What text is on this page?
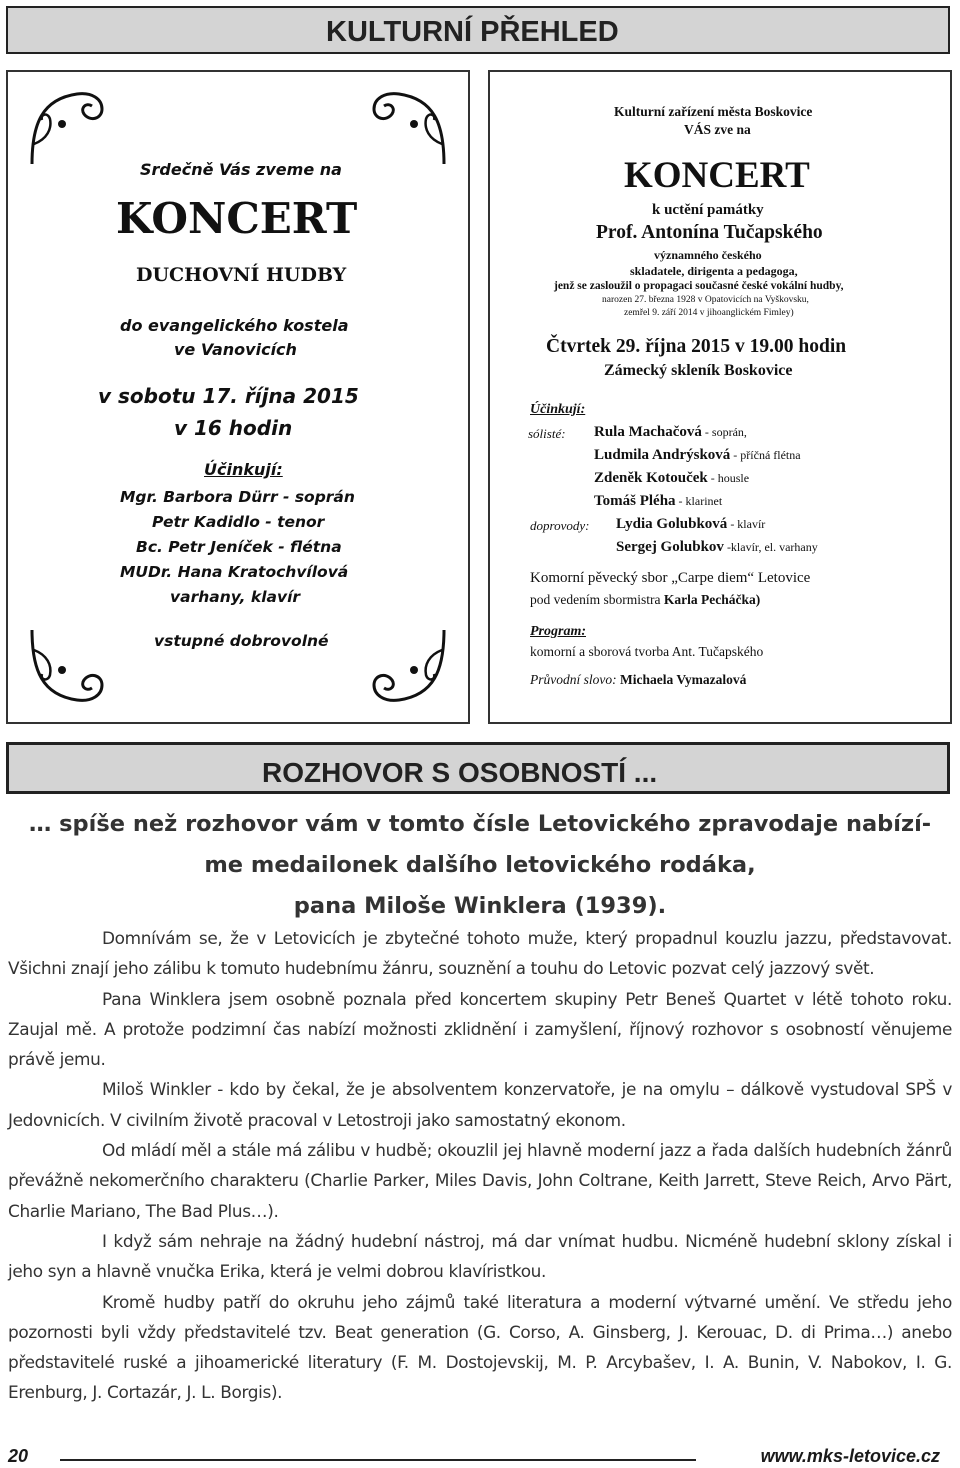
KULTURNÍ PŘEHLED
Srdečně Vás zveme na
KONCERT
DUCHOVNÍ HUDBY
do evangelického kostela
ve Vanovicích
v sobotu 17. října 2015
v 16 hodin
Účinkují:
Mgr. Barbora Dürr - soprán
Petr Kadidlo - tenor
Bc. Petr Jeníček - flétna
MUDr. Hana Kratochvílová
varhany, klavír
vstupné dobrovolné
Kulturní zařízení města Boskovice
VÁS zve na
KONCERT
k uctění památky
Prof. Antonína Tučapského
významného českého
skladatele, dirigenta a pedagoga,
jenž se zasloužil o propagaci současné české vokální hudby,
narozen 27. března 1928 v Opatovicích na Vyškovsku,
zemřel 9. září 2014 v jihoanglickém Fimley)
Čtvrtek 29. října 2015 v 19.00 hodin
Zámecký skleník Boskovice
Účinkují:
sólisté: Rula Machačová - soprán,
Ludmila Andrýsková - příčná flétna
Zdeněk Kotouček - housle
Tomáš Pléha - klarinet
doprovody: Lydia Golubková - klavír
Sergej Golubkov -klavír, el. varhany
Komorní pěvecký sbor „Carpe diem“ Letovice
pod vedením sbormistra Karla Pecháčka)
Program:
komorní a sborová tvorba Ant. Tučapského
Průvodní slovo: Michaela Vymazalová
ROZHOVOR S OSOBNOSTÍ ...
… spíše než rozhovor vám v tomto čísle Letovického zpravodaje nabízí-
me medailonek dalšího letovického rodáka,
pana Miloše Winklera (1939).

Domnívám se, že v Letovicích je zbytečné tohoto muže, který propadnul kouzlu jazzu, představovat. Všichni znají jeho zálibu k tomuto hudebnímu žánru, souznění a touhu do Letovic pozvat celý jazzový svět.

Pana Winklera jsem osobně poznala před koncertem skupiny Petr Beneš Quartet v létě tohoto roku. Zaujal mě. A protože podzimní čas nabízí možnosti zklidnění i zamyšlení, říjnový rozhovor s osobností věnujeme právě jemu.

Miloš Winkler - kdo by čekal, že je absolventem konzervatoře, je na omylu – dálkově vystudoval SPŠ v Jedovnicích. V civilním životě pracoval v Letostroji jako samostatný ekonom.

Od mládí měl a stále má zálibu v hudbě; okouzlil jej hlavně moderní jazz a řada dalších hudebních žánrů převážně nekomerčního charakteru (Charlie Parker, Miles Davis, John Coltrane, Keith Jarrett, Steve Reich, Arvo Pärt, Charlie Mariano, The Bad Plus…).

I když sám nehraje na žádný hudební nástroj, má dar vnímat hudbu. Nicméně hudební sklony získal i jeho syn a hlavně vnučka Erika, která je velmi dobrou klavíristkou.

Kromě hudby patří do okruhu jeho zájmů také literatura a moderní výtvarné umění. Ve středu jeho pozornosti byli vždy představitelé tzv. Beat generation (G. Corso, A. Ginsberg, J. Kerouac, D. di Prima…) anebo představitelé ruské a jihoamerické literatury (F. M. Dostojevskij, M. P. Arcybašev, I. A. Bunin, V. Nabokov, I. G. Erenburg, J. Cortazár, J. L. Borgis).

20	www.mks-letovice.cz
